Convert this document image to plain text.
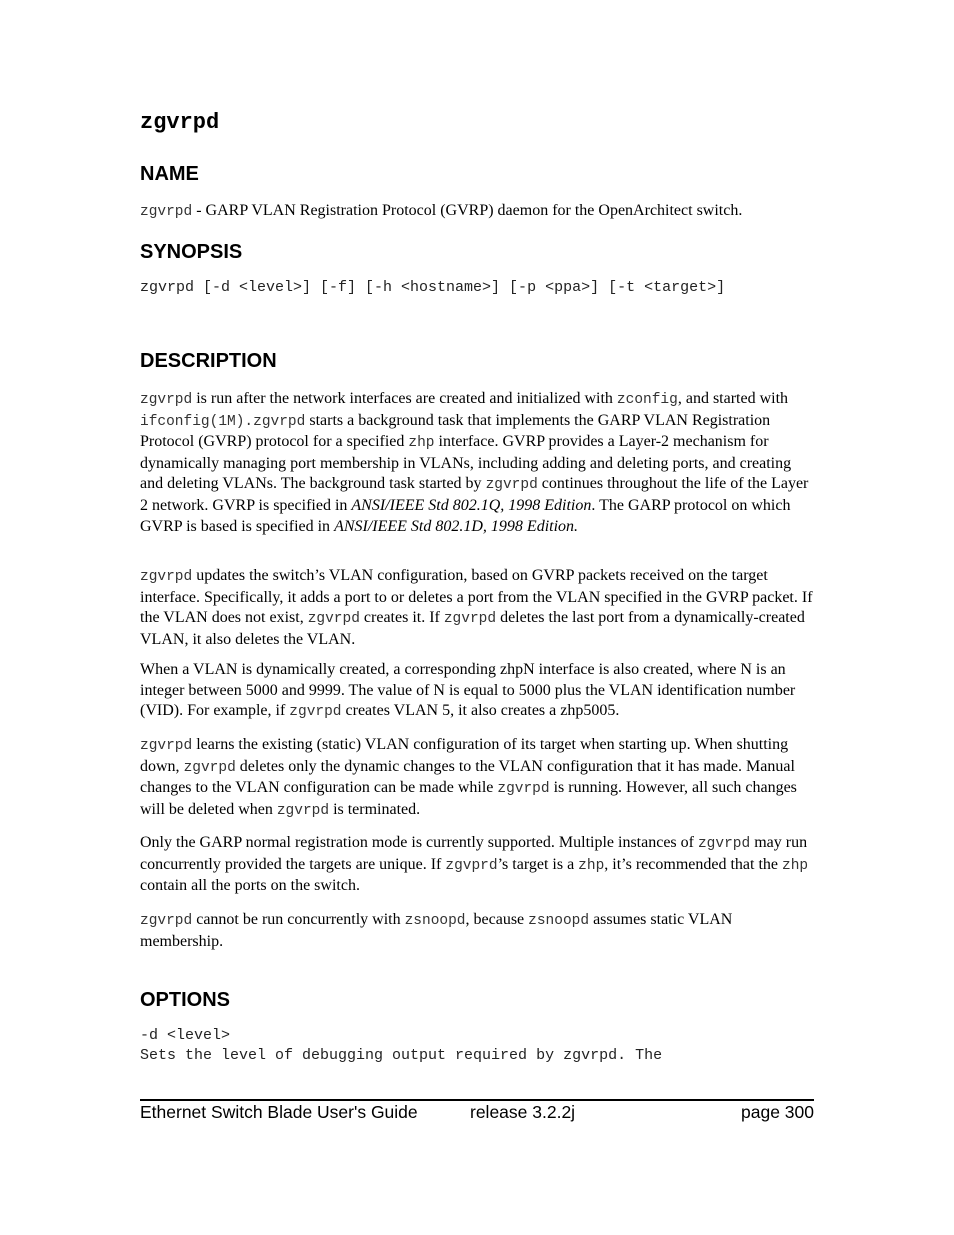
zgvrpd
NAME

zgvrpd - GARP VLAN Registration Protocol (GVRP) daemon for the OpenArchitect switch.

SYNOPSIS
zgvrpd [-d <level>] [-f] [-h <hostname>] [-p <ppa>] [-t <target>]
DESCRIPTION

zgvrpd is run after the network interfaces are created and initialized with zconfig, and started with ifconfig(1M).zgvrpd starts a background task that implements the GARP VLAN Registration Protocol (GVRP) protocol for a specified zhp interface. GVRP provides a Layer-2 mechanism for dynamically managing port membership in VLANs, including adding and deleting ports, and creating and deleting VLANs. The background task started by zgvrpd continues throughout the life of the Layer 2 network. GVRP is specified in ANSI/IEEE Std 802.1Q, 1998 Edition. The GARP protocol on which GVRP is based is specified in ANSI/IEEE Std 802.1D, 1998 Edition.

zgvrpd updates the switch’s VLAN configuration, based on GVRP packets received on the target interface. Specifically, it adds a port to or deletes a port from the VLAN specified in the GVRP packet. If the VLAN does not exist, zgvrpd creates it. If zgvrpd deletes the last port from a dynamically-created VLAN, it also deletes the VLAN.

When a VLAN is dynamically created, a corresponding zhpN interface is also created, where N is an integer between 5000 and 9999. The value of N is equal to 5000 plus the VLAN identification number (VID). For example, if zgvrpd creates VLAN 5, it also creates a zhp5005.

zgvrpd learns the existing (static) VLAN configuration of its target when starting up. When shutting down, zgvrpd deletes only the dynamic changes to the VLAN configuration that it has made. Manual changes to the VLAN configuration can be made while zgvrpd is running. However, all such changes will be deleted when zgvrpd is terminated.

Only the GARP normal registration mode is currently supported. Multiple instances of zgvrpd may run concurrently provided the targets are unique. If zgvprd’s target is a zhp, it’s recommended that the zhp contain all the ports on the switch.

zgvrpd cannot be run concurrently with zsnoopd, because zsnoopd assumes static VLAN membership.

OPTIONS
-d <level>
Sets the level of debugging output required by zgvrpd. The
Ethernet Switch Blade User's Guide	release 3.2.2j	page 300
